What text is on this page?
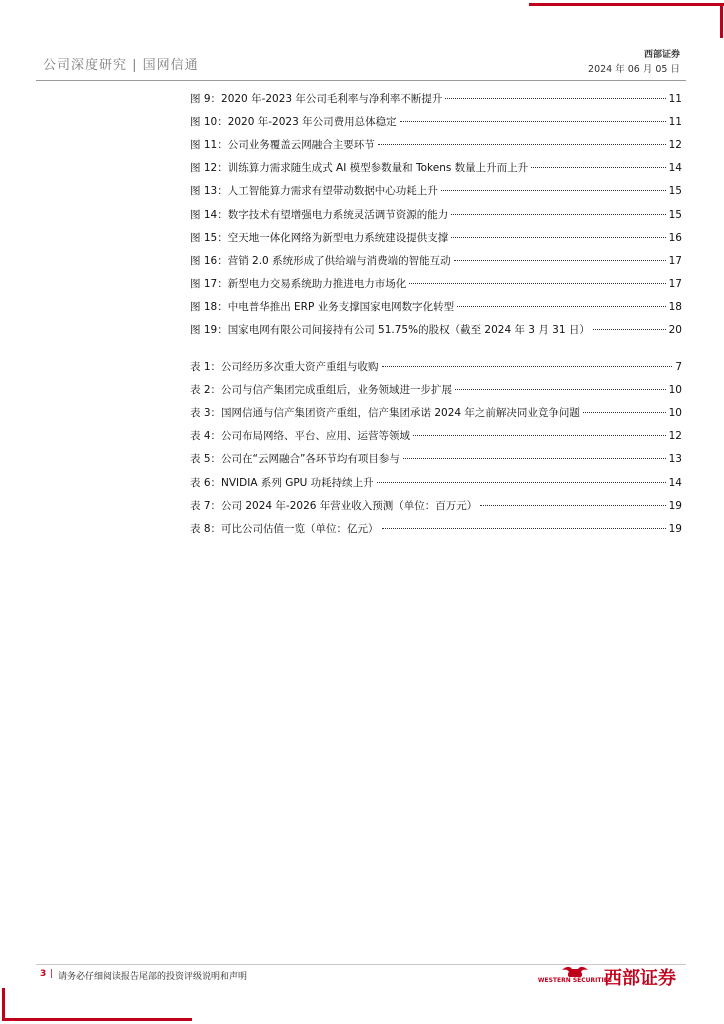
公司深度研究 | 国网信通
西部证券
2024 年 06 月 05 日
图 9：2020 年-2023 年公司毛利率与净利率不断提升	11
图 10：2020 年-2023 年公司费用总体稳定	11
图 11：公司业务覆盖云网融合主要环节	12
图 12：训练算力需求随生成式 AI 模型参数量和 Tokens 数量上升而上升	14
图 13：人工智能算力需求有望带动数据中心功耗上升	15
图 14：数字技术有望增强电力系统灵活调节资源的能力	15
图 15：空天地一体化网络为新型电力系统建设提供支撑	16
图 16：营销 2.0 系统形成了供给端与消费端的智能互动	17
图 17：新型电力交易系统助力推进电力市场化	17
图 18：中电普华推出 ERP 业务支撑国家电网数字化转型	18
图 19：国家电网有限公司间接持有公司 51.75%的股权（截至 2024 年 3 月 31 日）	20
表 1：公司经历多次重大资产重组与收购	7
表 2：公司与信产集团完成重组后，业务领域进一步扩展	10
表 3：国网信通与信产集团资产重组，信产集团承诺 2024 年之前解决同业竞争问题	10
表 4：公司布局网络、平台、应用、运营等领域	12
表 5：公司在“云网融合”各环节均有项目参与	13
表 6：NVIDIA 系列 GPU 功耗持续上升	14
表 7：公司 2024 年-2026 年营业收入预测（单位：百万元）	19
表 8：可比公司估值一览（单位：亿元）	19
3 | 请务必仔细阅读报告尾部的投资评级说明和声明	WESTERN SECURITIES
西部证券
